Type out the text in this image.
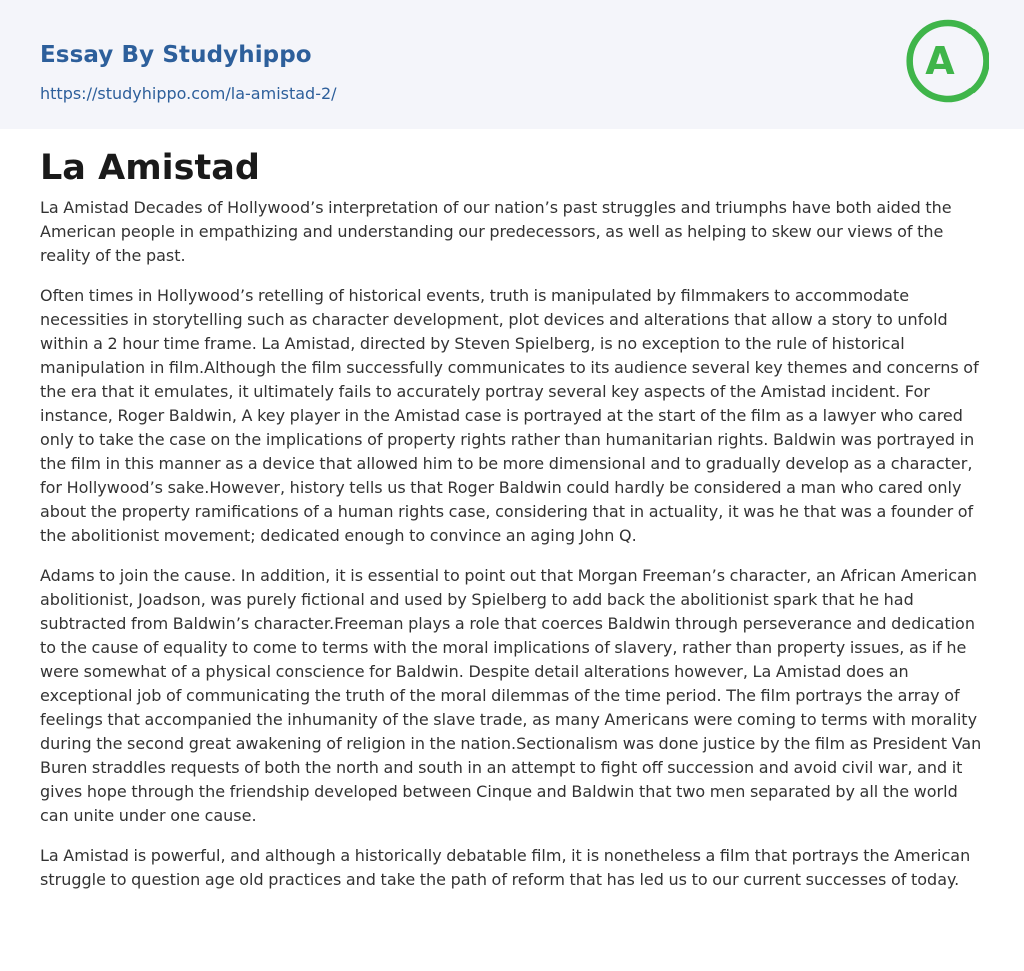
Essay By Studyhippo
https://studyhippo.com/la-amistad-2/
A
La Amistad

La Amistad Decades of Hollywood’s interpretation of our nation’s past struggles and triumphs have both aided the American people in empathizing and understanding our predecessors, as well as helping to skew our views of the reality of the past.

Often times in Hollywood’s retelling of historical events, truth is manipulated by filmmakers to accommodate necessities in storytelling such as character development, plot devices and alterations that allow a story to unfold within a 2 hour time frame. La Amistad, directed by Steven Spielberg, is no exception to the rule of historical manipulation in film.Although the film successfully communicates to its audience several key themes and concerns of the era that it emulates, it ultimately fails to accurately portray several key aspects of the Amistad incident. For instance, Roger Baldwin, A key player in the Amistad case is portrayed at the start of the film as a lawyer who cared only to take the case on the implications of property rights rather than humanitarian rights. Baldwin was portrayed in the film in this manner as a device that allowed him to be more dimensional and to gradually develop as a character, for Hollywood’s sake.However, history tells us that Roger Baldwin could hardly be considered a man who cared only about the property ramifications of a human rights case, considering that in actuality, it was he that was a founder of the abolitionist movement; dedicated enough to convince an aging John Q.

Adams to join the cause. In addition, it is essential to point out that Morgan Freeman’s character, an African American abolitionist, Joadson, was purely fictional and used by Spielberg to add back the abolitionist spark that he had subtracted from Baldwin’s character.Freeman plays a role that coerces Baldwin through perseverance and dedication to the cause of equality to come to terms with the moral implications of slavery, rather than property issues, as if he were somewhat of a physical conscience for Baldwin. Despite detail alterations however, La Amistad does an exceptional job of communicating the truth of the moral dilemmas of the time period. The film portrays the array of feelings that accompanied the inhumanity of the slave trade, as many Americans were coming to terms with morality during the second great awakening of religion in the nation.Sectionalism was done justice by the film as President Van Buren straddles requests of both the north and south in an attempt to fight off succession and avoid civil war, and it gives hope through the friendship developed between Cinque and Baldwin that two men separated by all the world can unite under one cause.

La Amistad is powerful, and although a historically debatable film, it is nonetheless a film that portrays the American struggle to question age old practices and take the path of reform that has led us to our current successes of today.
